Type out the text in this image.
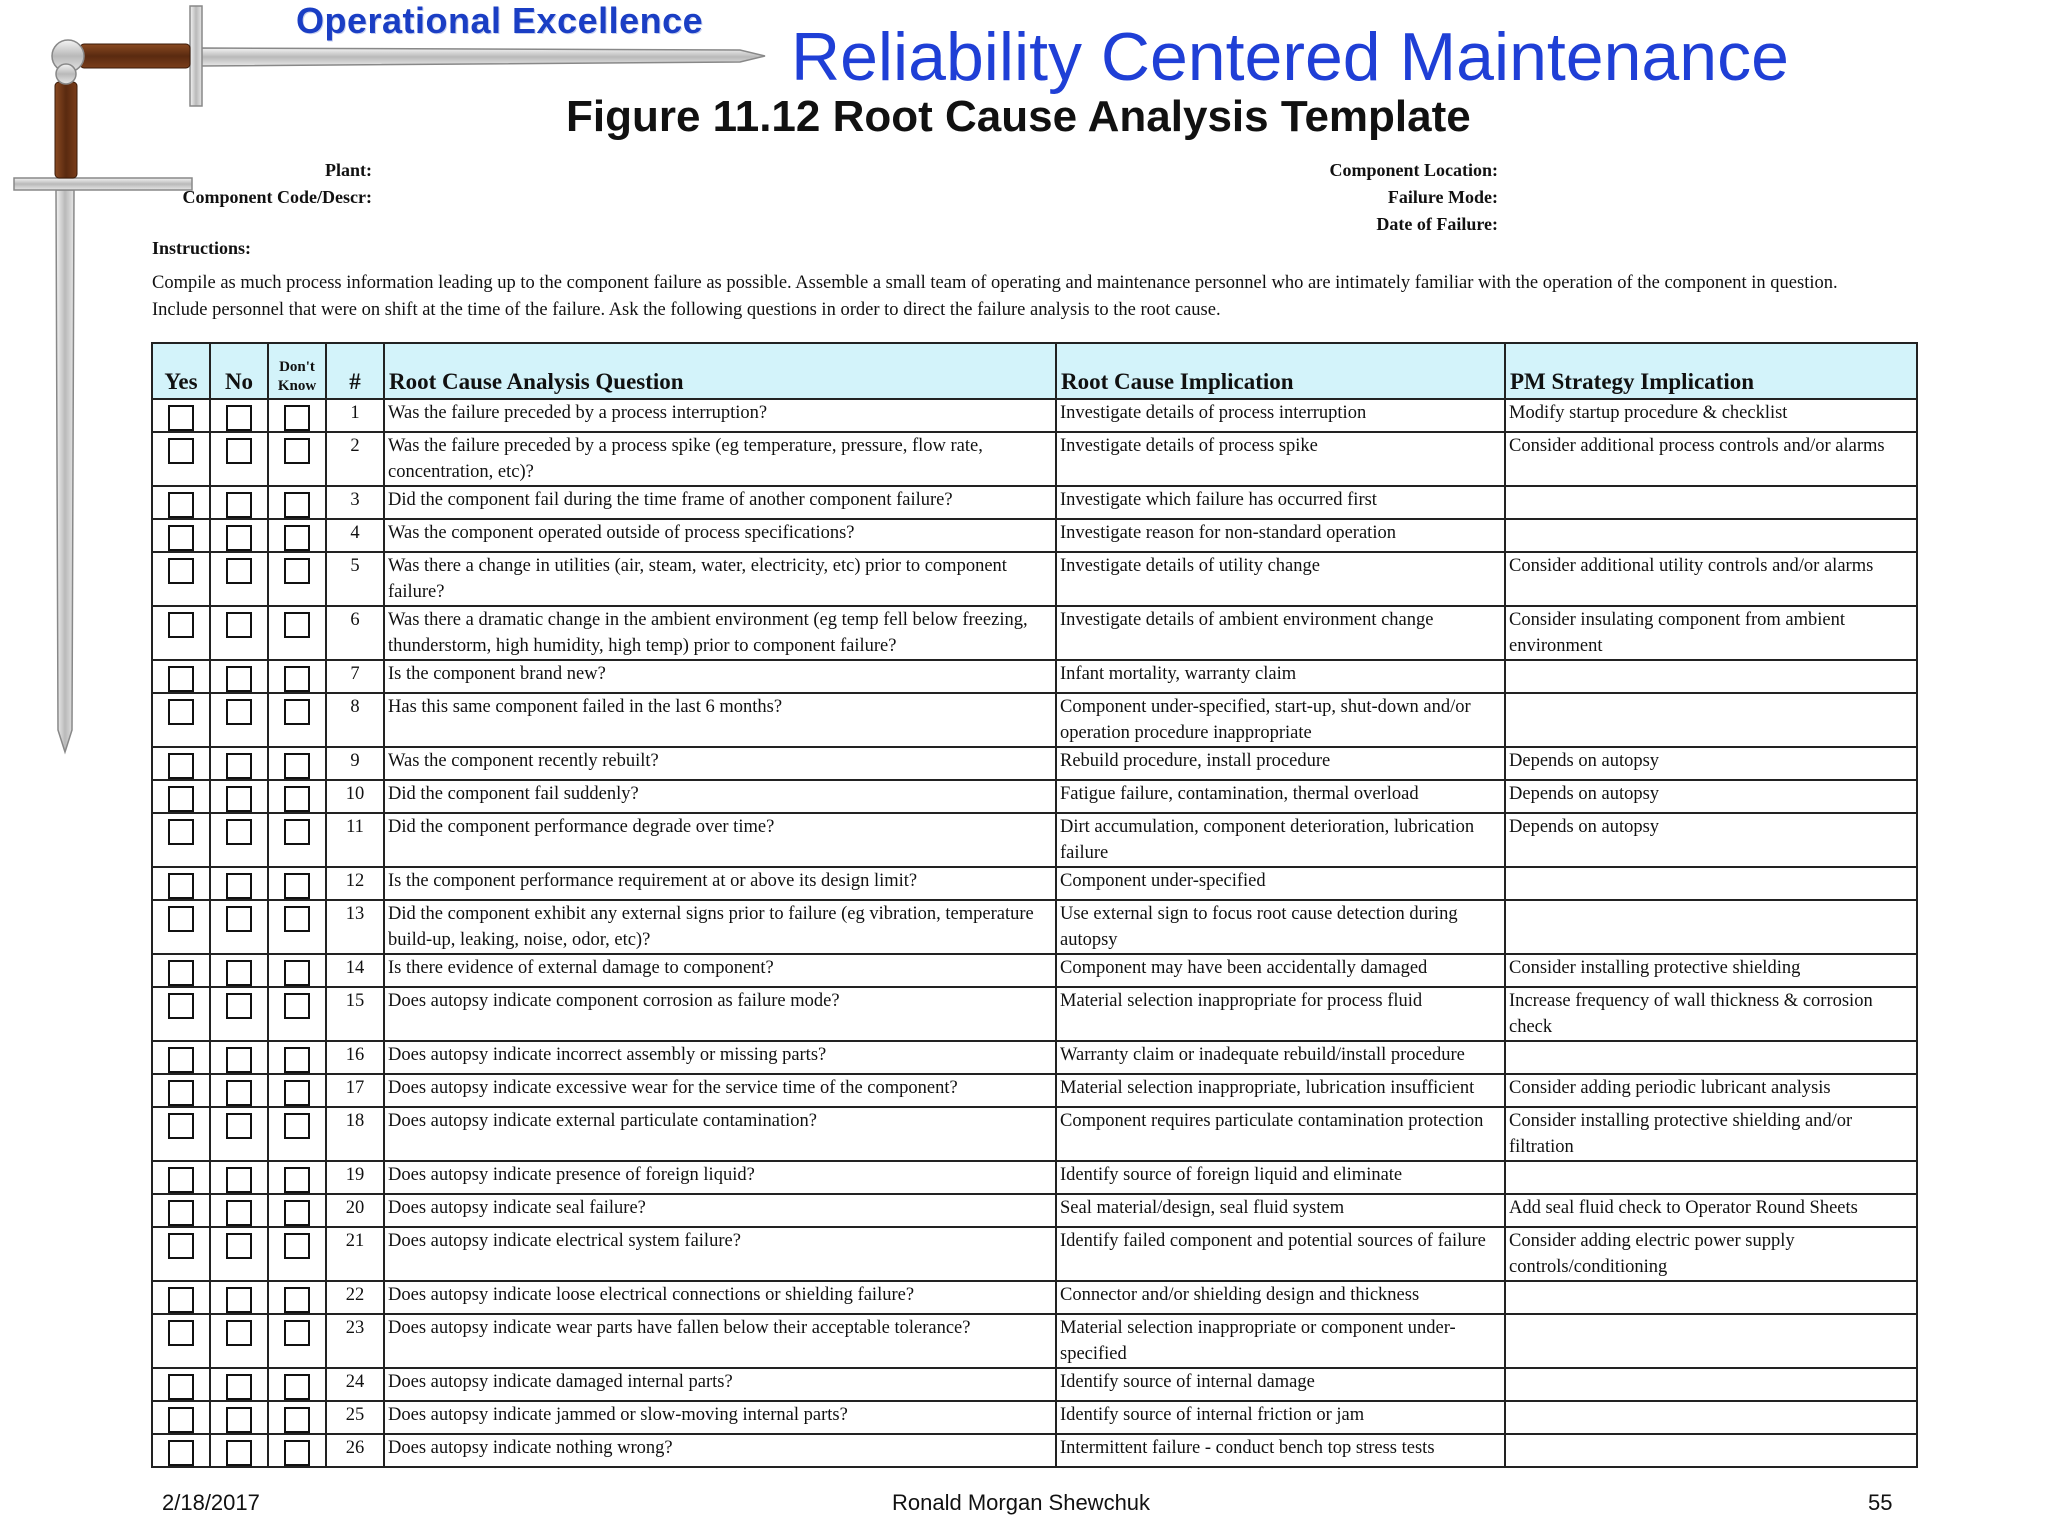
Operational Excellence Reliability Centered Maintenance
Figure 11.12 Root Cause Analysis Template
Plant:
Component Code/Descr:
Component Location:
Failure Mode:
Date of Failure:
Instructions:
Compile as much process information leading up to the component failure as possible. Assemble a small team of operating and maintenance personnel who are intimately familiar with the operation of the component in question. Include personnel that were on shift at the time of the failure. Ask the following questions in order to direct the failure analysis to the root cause.
Yes	No	Don't Know	#	Root Cause Analysis Question	Root Cause Implication	PM Strategy Implication
			1	Was the failure preceded by a process interruption?	Investigate details of process interruption	Modify startup procedure & checklist
			2	Was the failure preceded by a process spike (eg temperature, pressure, flow rate, concentration, etc)?	Investigate details of process spike	Consider additional process controls and/or alarms
			3	Did the component fail during the time frame of another component failure?	Investigate which failure has occurred first	
			4	Was the component operated outside of process specifications?	Investigate reason for non-standard operation	
			5	Was there a change in utilities (air, steam, water, electricity, etc) prior to component failure?	Investigate details of utility change	Consider additional utility controls and/or alarms
			6	Was there a dramatic change in the ambient environment (eg temp fell below freezing, thunderstorm, high humidity, high temp) prior to component failure?	Investigate details of ambient environment change	Consider insulating component from ambient environment
			7	Is the component brand new?	Infant mortality, warranty claim	
			8	Has this same component failed in the last 6 months?	Component under-specified, start-up, shut-down and/or operation procedure inappropriate	
			9	Was the component recently rebuilt?	Rebuild procedure, install procedure	Depends on autopsy
			10	Did the component fail suddenly?	Fatigue failure, contamination, thermal overload	Depends on autopsy
			11	Did the component performance degrade over time?	Dirt accumulation, component deterioration, lubrication failure	Depends on autopsy
			12	Is the component performance requirement at or above its design limit?	Component under-specified	
			13	Did the component exhibit any external signs prior to failure (eg vibration, temperature build-up, leaking, noise, odor, etc)?	Use external sign to focus root cause detection during autopsy	
			14	Is there evidence of external damage to component?	Component may have been accidentally damaged	Consider installing protective shielding
			15	Does autopsy indicate component corrosion as failure mode?	Material selection inappropriate for process fluid	Increase frequency of wall thickness & corrosion check
			16	Does autopsy indicate incorrect assembly or missing parts?	Warranty claim or inadequate rebuild/install procedure	
			17	Does autopsy indicate excessive wear for the service time of the component?	Material selection inappropriate, lubrication insufficient	Consider adding periodic lubricant analysis
			18	Does autopsy indicate external particulate contamination?	Component requires particulate contamination protection	Consider installing protective shielding and/or filtration
			19	Does autopsy indicate presence of foreign liquid?	Identify source of foreign liquid and eliminate	
			20	Does autopsy indicate seal failure?	Seal material/design, seal fluid system	Add seal fluid check to Operator Round Sheets
			21	Does autopsy indicate electrical system failure?	Identify failed component and potential sources of failure	Consider adding electric power supply controls/conditioning
			22	Does autopsy indicate loose electrical connections or shielding failure?	Connector and/or shielding design and thickness	
			23	Does autopsy indicate wear parts have fallen below their acceptable tolerance?	Material selection inappropriate or component under-specified	
			24	Does autopsy indicate damaged internal parts?	Identify source of internal damage	
			25	Does autopsy indicate jammed or slow-moving internal parts?	Identify source of internal friction or jam	
			26	Does autopsy indicate nothing wrong?	Intermittent failure - conduct bench top stress tests	
2/18/2017	Ronald Morgan Shewchuk	55
